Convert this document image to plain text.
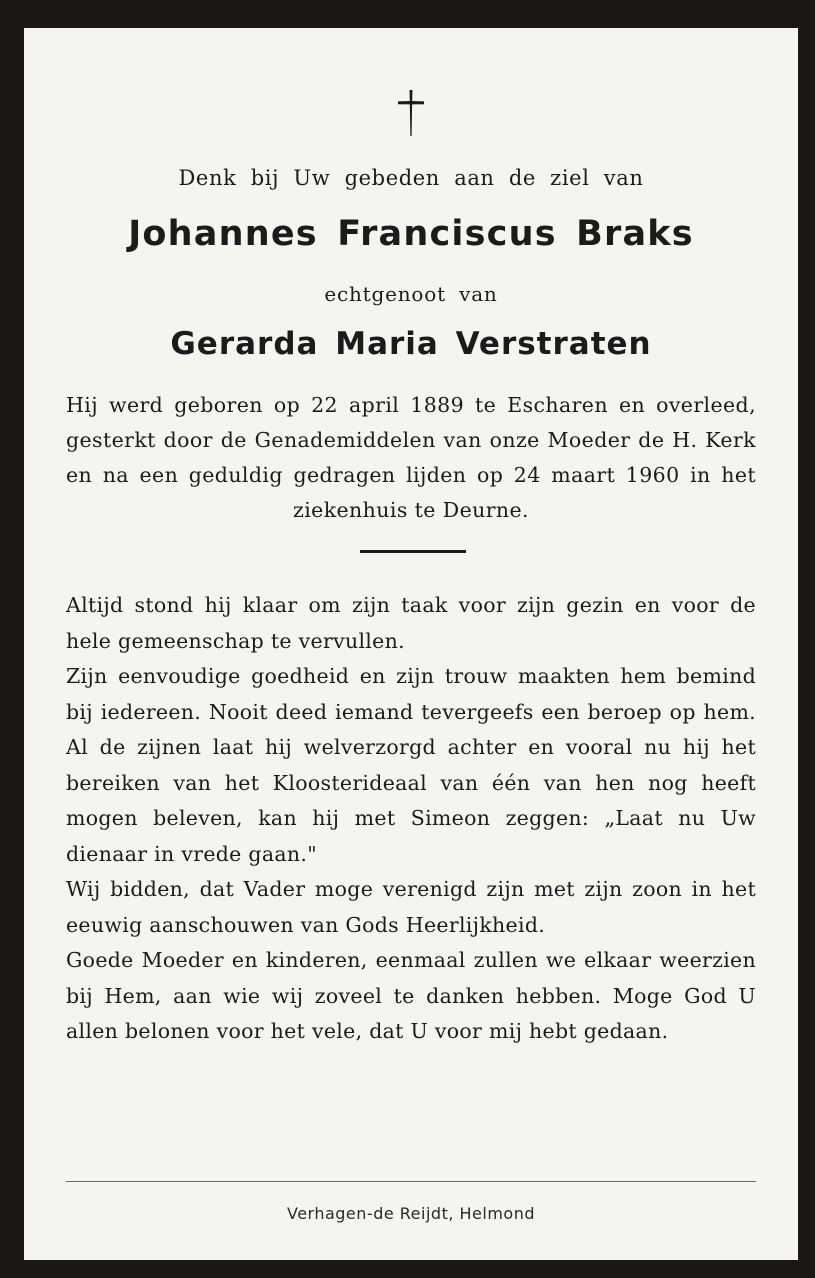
Denk bij Uw gebeden aan de ziel van
Johannes Franciscus Braks
echtgenoot van
Gerarda Maria Verstraten
Hij werd geboren op 22 april 1889 te Escharen en overleed, gesterkt door de Genademiddelen van onze Moeder de H. Kerk en na een geduldig gedragen lijden op 24 maart 1960 in het ziekenhuis te Deurne.

Altijd stond hij klaar om zijn taak voor zijn gezin en voor de hele gemeenschap te vervullen.

Zijn eenvoudige goedheid en zijn trouw maakten hem bemind bij iedereen. Nooit deed iemand tevergeefs een beroep op hem. Al de zijnen laat hij welverzorgd achter en vooral nu hij het bereiken van het Kloosterideaal van één van hen nog heeft mogen beleven, kan hij met Simeon zeggen: „Laat nu Uw dienaar in vrede gaan."

Wij bidden, dat Vader moge verenigd zijn met zijn zoon in het eeuwig aanschouwen van Gods Heerlijkheid.

Goede Moeder en kinderen, eenmaal zullen we elkaar weerzien bij Hem, aan wie wij zoveel te danken hebben. Moge God U allen belonen voor het vele, dat U voor mij hebt gedaan.

Verhagen-de Reijdt, Helmond
